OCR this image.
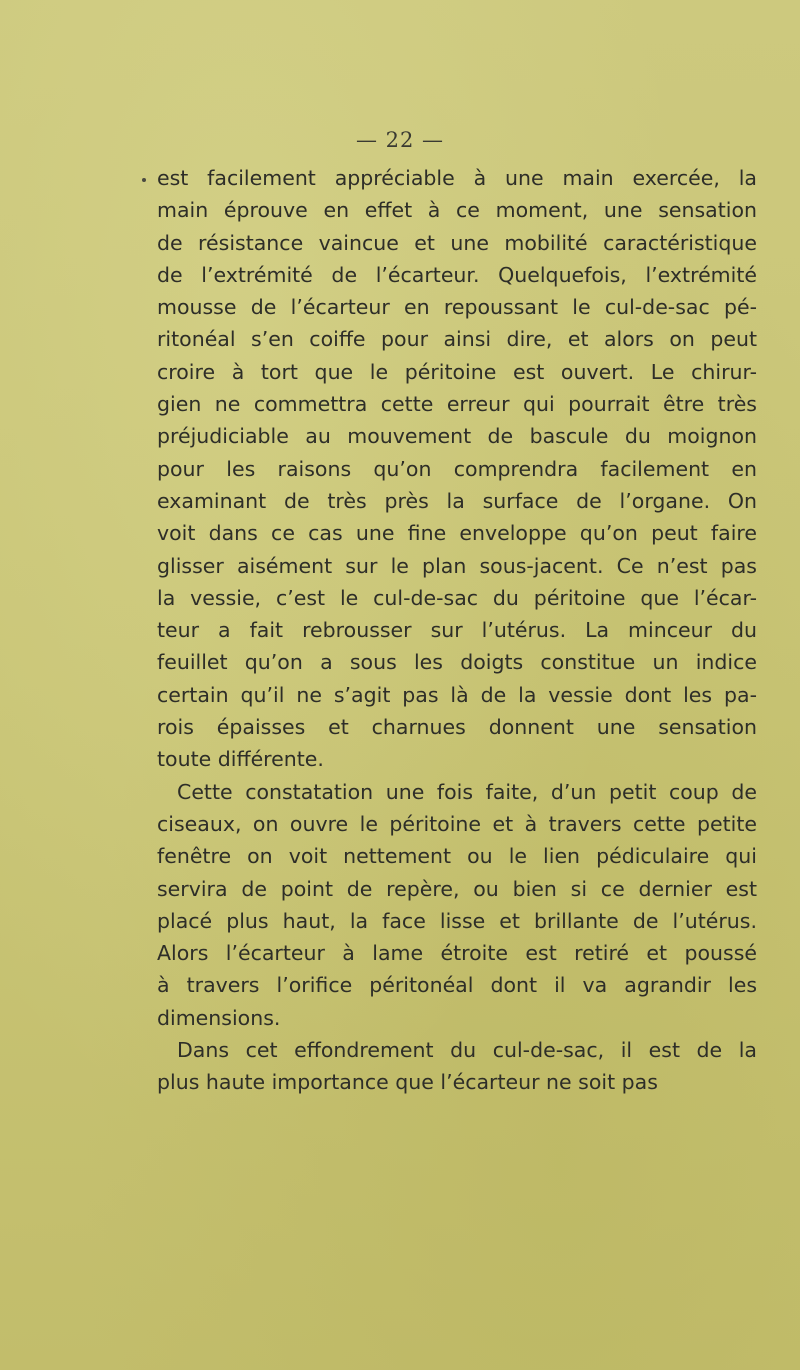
— 22 —
est facilement appréciable à une main exercée, la
main éprouve en effet à ce moment, une sensation
de résistance vaincue et une mobilité caractéristique
de l’extrémité de l’écarteur. Quelquefois, l’extrémité
mousse de l’écarteur en repoussant le cul-de-sac pé-
ritonéal s’en coiffe pour ainsi dire, et alors on peut
croire à tort que le péritoine est ouvert. Le chirur-
gien ne commettra cette erreur qui pourrait être très
préjudiciable au mouvement de bascule du moignon
pour les raisons qu’on comprendra facilement en
examinant de très près la surface de l’organe. On
voit dans ce cas une fine enveloppe qu’on peut faire
glisser aisément sur le plan sous-jacent. Ce n’est pas
la vessie, c’est le cul-de-sac du péritoine que l’écar-
teur a fait rebrousser sur l’utérus. La minceur du
feuillet qu’on a sous les doigts constitue un indice
certain qu’il ne s’agit pas là de la vessie dont les pa-
rois épaisses et charnues donnent une sensation
toute différente.
Cette constatation une fois faite, d’un petit coup de
ciseaux, on ouvre le péritoine et à travers cette petite
fenêtre on voit nettement ou le lien pédiculaire qui
servira de point de repère, ou bien si ce dernier est
placé plus haut, la face lisse et brillante de l’utérus.
Alors l’écarteur à lame étroite est retiré et poussé
à travers l’orifice péritonéal dont il va agrandir les
dimensions.
Dans cet effondrement du cul-de-sac, il est de la
plus haute importance que l’écarteur ne soit pas
